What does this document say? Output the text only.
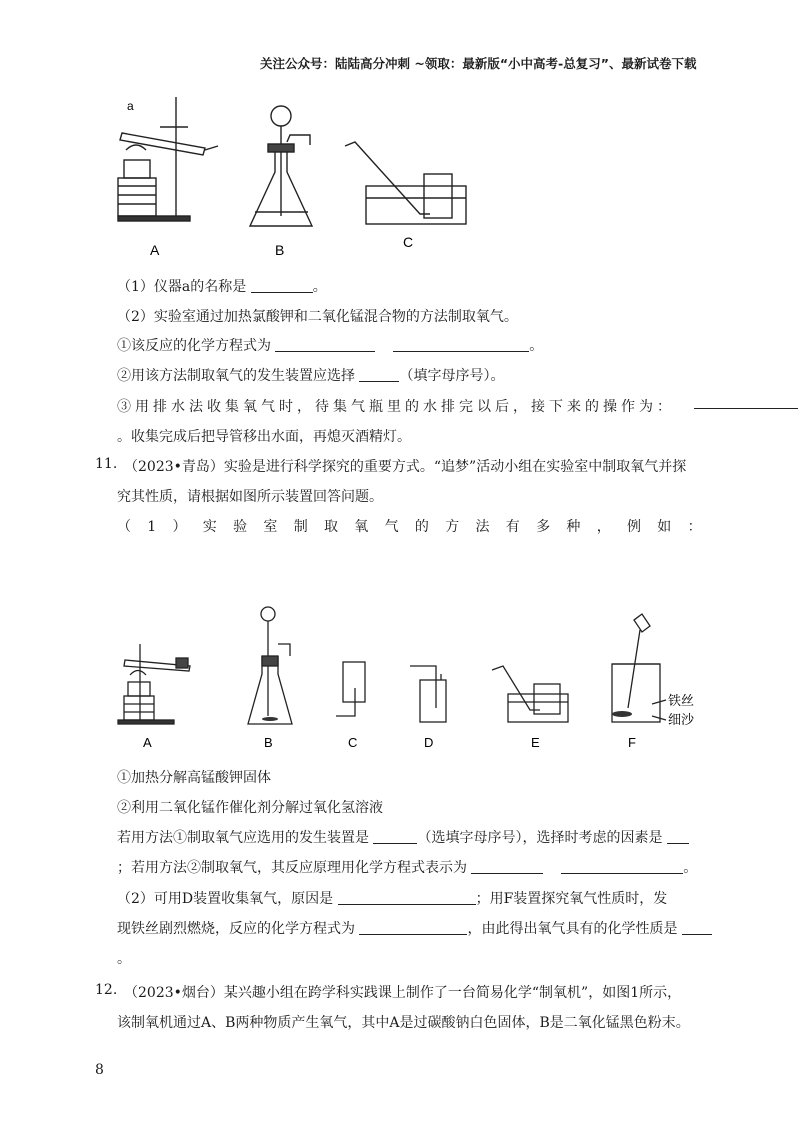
关注公众号：陆陆高分冲刺 ~领取：最新版“小中高考-总复习”、最新试卷下载
a
A	B	C
（1）仪器a的名称是	。
（2）实验室通过加热氯酸钾和二氧化锰混合物的方法制取氧气。
①该反应的化学方程式为	。
②用该方法制取氧气的发生装置应选择	（填字母序号）。
③用排水法收集氧气时，待集气瓶里的水排完以后，接下来的操作为：
。收集完成后把导管移出水面，再熄灭酒精灯。
11. （2023•青岛）实验是进行科学探究的重要方式。“追梦”活动小组在实验室中制取氧气并探
究其性质，请根据如图所示装置回答问题。
（1）实验室制取氧气的方法有多种，例如：
A	B	C	D	E	F
铁丝
细沙
①加热分解高锰酸钾固体
②利用二氧化锰作催化剂分解过氧化氢溶液
若用方法①制取氧气应选用的发生装置是	（选填字母序号），选择时考虑的因素是
；若用方法②制取氧气，其反应原理用化学方程式表示为	。
（2）可用D装置收集氧气，原因是	；用F装置探究氧气性质时，发
现铁丝剧烈燃烧，反应的化学方程式为	，由此得出氧气具有的化学性质是
。
12. （2023•烟台）某兴趣小组在跨学科实践课上制作了一台简易化学“制氧机”，如图1所示，
该制氧机通过A、B两种物质产生氧气，其中A是过碳酸钠白色固体，B是二氧化锰黑色粉末。
8
